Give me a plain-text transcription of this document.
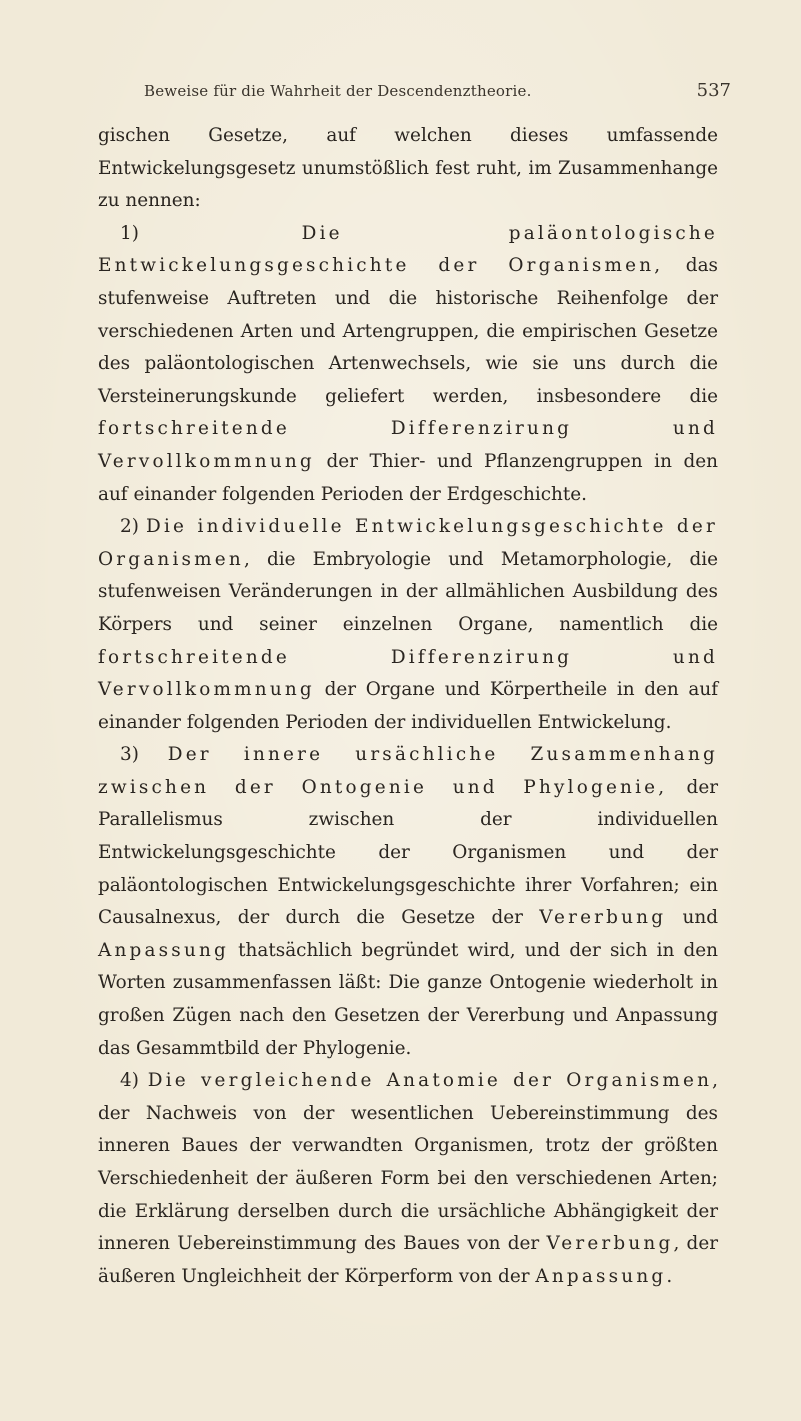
Beweise für die Wahrheit der Descendenztheorie.	537

gischen Gesetze, auf welchen dieses umfassende Entwickelungsgesetz unumstößlich fest ruht, im Zusammenhange zu nennen:

1) Die paläontologische Entwickelungsgeschichte der Organismen, das stufenweise Auftreten und die historische Reihenfolge der verschiedenen Arten und Artengruppen, die empirischen Gesetze des paläontologischen Artenwechsels, wie sie uns durch die Versteinerungskunde geliefert werden, insbesondere die fortschreitende Differenzirung und Vervollkommnung der Thier- und Pflanzengruppen in den auf einander folgenden Perioden der Erdgeschichte.

2) Die individuelle Entwickelungsgeschichte der Organismen, die Embryologie und Metamorphologie, die stufenweisen Veränderungen in der allmählichen Ausbildung des Körpers und seiner einzelnen Organe, namentlich die fortschreitende Differenzirung und Vervollkommnung der Organe und Körpertheile in den auf einander folgenden Perioden der individuellen Entwickelung.

3) Der innere ursächliche Zusammenhang zwischen der Ontogenie und Phylogenie, der Parallelismus zwischen der individuellen Entwickelungsgeschichte der Organismen und der paläontologischen Entwickelungsgeschichte ihrer Vorfahren; ein Causalnexus, der durch die Gesetze der Vererbung und Anpassung thatsächlich begründet wird, und der sich in den Worten zusammenfassen läßt: Die ganze Ontogenie wiederholt in großen Zügen nach den Gesetzen der Vererbung und Anpassung das Gesammtbild der Phylogenie.

4) Die vergleichende Anatomie der Organismen, der Nachweis von der wesentlichen Uebereinstimmung des inneren Baues der verwandten Organismen, trotz der größten Verschiedenheit der äußeren Form bei den verschiedenen Arten; die Erklärung derselben durch die ursächliche Abhängigkeit der inneren Uebereinstimmung des Baues von der Vererbung, der äußeren Ungleichheit der Körperform von der Anpassung.
